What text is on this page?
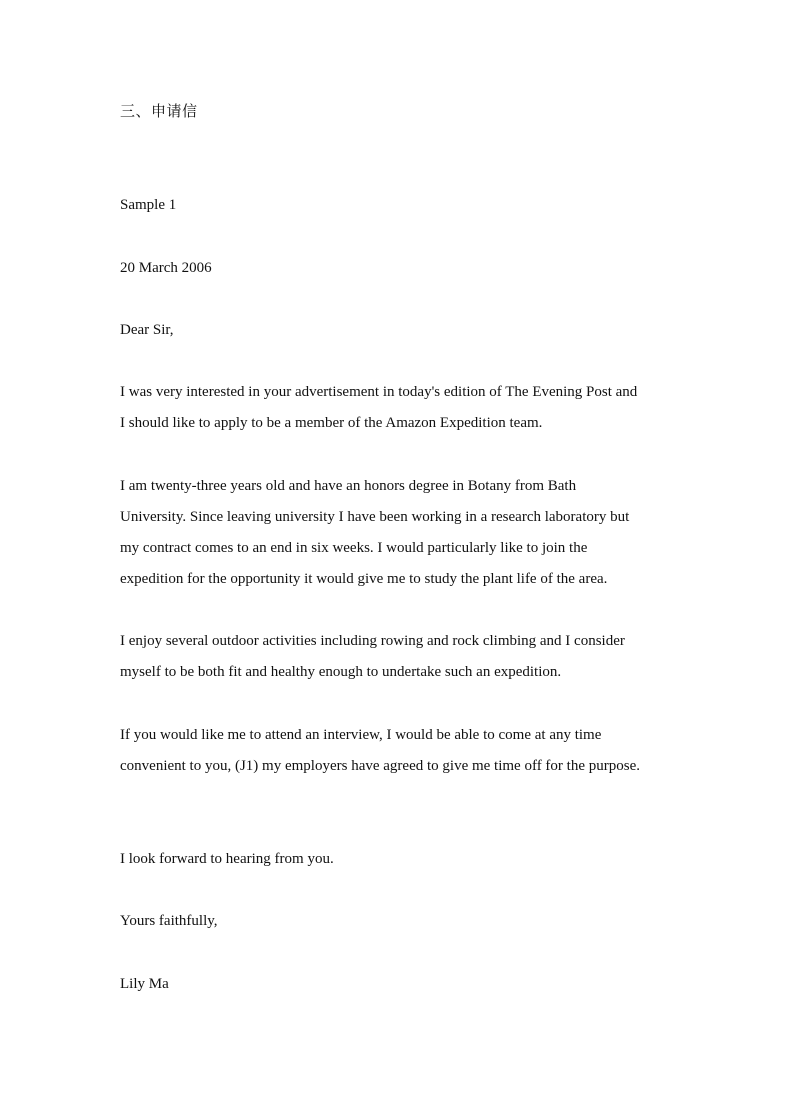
三、申请信

Sample 1

20 March 2006

Dear Sir,

I was very interested in your advertisement in today's edition of The Evening Post and

I should like to apply to be a member of the Amazon Expedition team.

I am twenty-three years old and have an honors degree in Botany from Bath

University. Since leaving university I have been working in a research laboratory but

my contract comes to an end in six weeks. I would particularly like to join the

expedition for the opportunity it would give me to study the plant life of the area.

I enjoy several outdoor activities including rowing and rock climbing and I consider

myself to be both fit and healthy enough to undertake such an expedition.

If you would like me to attend an interview, I would be able to come at any time

convenient to you, (J1) my employers have agreed to give me time off for the purpose.

I look forward to hearing from you.

Yours faithfully,

Lily Ma
